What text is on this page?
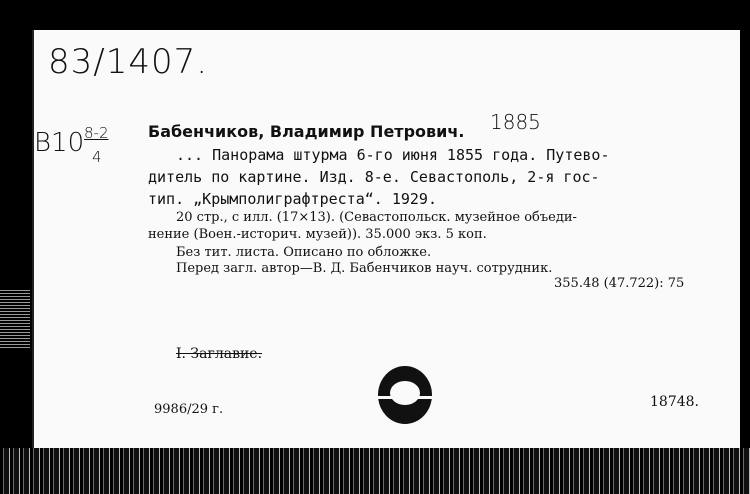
83/1407.
B10 8-2
4
Бабенчиков, Владимир Петрович. 1885
... Панорама штурма 6-го июня 1855 года. Путево-
дитель по картине. Изд. 8-е. Севастополь, 2-я гос-
тип. „Крымполиграфтреста“. 1929.
20 стр., с илл. (17×13). (Севастопольск. музейное объеди-
нение (Воен.-историч. музей)). 35.000 экз. 5 коп.
Без тит. листа. Описано по обложке.
Перед загл. автор—В. Д. Бабенчиков науч. сотрудник.
355.48 (47.722): 75
I. Заглавие.
9986/29 г.	18748.
